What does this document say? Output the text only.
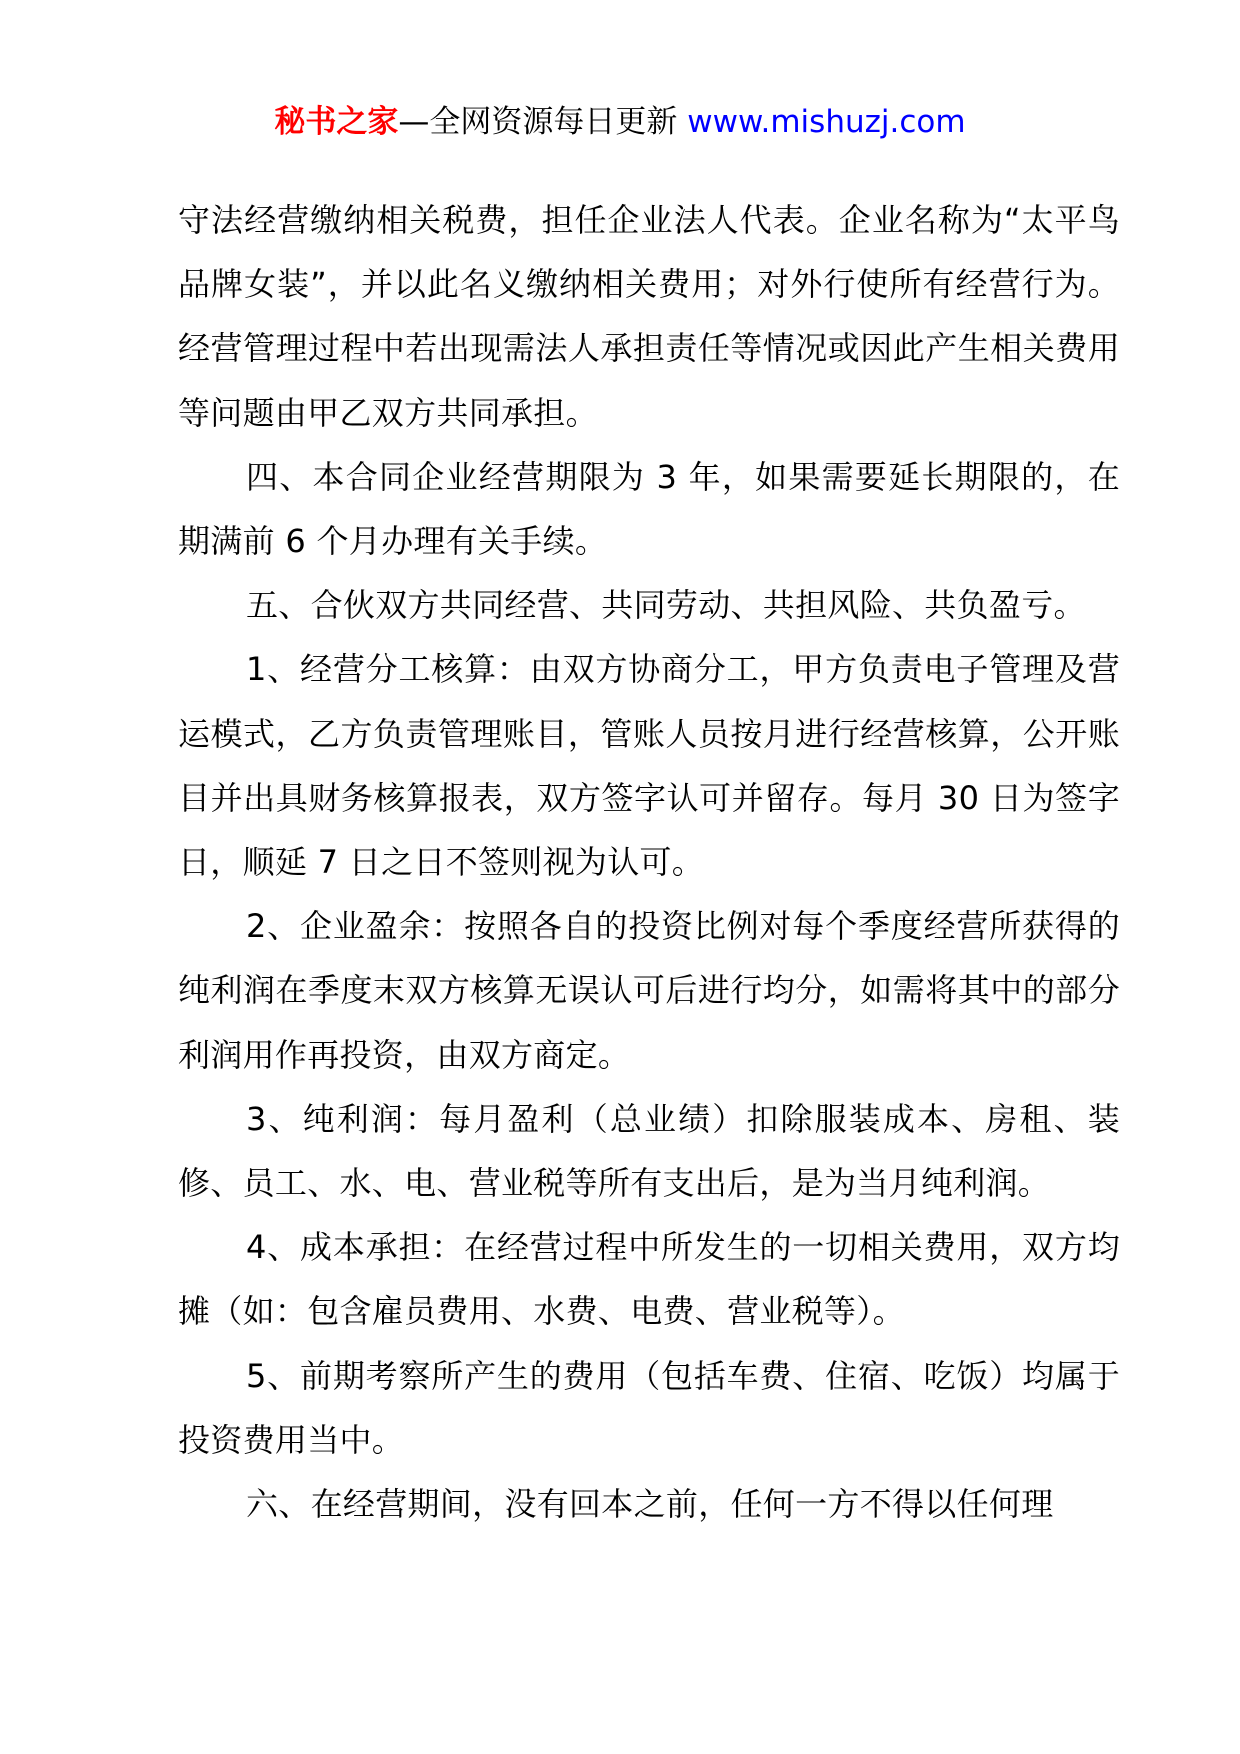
秘书之家—全网资源每日更新 www.mishuzj.com

守法经营缴纳相关税费，担任企业法人代表。企业名称为“太平鸟品牌女装”，并以此名义缴纳相关费用；对外行使所有经营行为。经营管理过程中若出现需法人承担责任等情况或因此产生相关费用等问题由甲乙双方共同承担。

四、本合同企业经营期限为 3 年，如果需要延长期限的，在期满前 6 个月办理有关手续。

五、合伙双方共同经营、共同劳动、共担风险、共负盈亏。

1、经营分工核算：由双方协商分工，甲方负责电子管理及营运模式，乙方负责管理账目，管账人员按月进行经营核算，公开账目并出具财务核算报表，双方签字认可并留存。每月 30 日为签字日，顺延 7 日之日不签则视为认可。

2、企业盈余：按照各自的投资比例对每个季度经营所获得的纯利润在季度末双方核算无误认可后进行均分，如需将其中的部分利润用作再投资，由双方商定。

3、纯利润：每月盈利（总业绩）扣除服装成本、房租、装修、员工、水、电、营业税等所有支出后，是为当月纯利润。

4、成本承担：在经营过程中所发生的一切相关费用，双方均摊（如：包含雇员费用、水费、电费、营业税等）。

5、前期考察所产生的费用（包括车费、住宿、吃饭）均属于投资费用当中。

六、在经营期间，没有回本之前，任何一方不得以任何理
